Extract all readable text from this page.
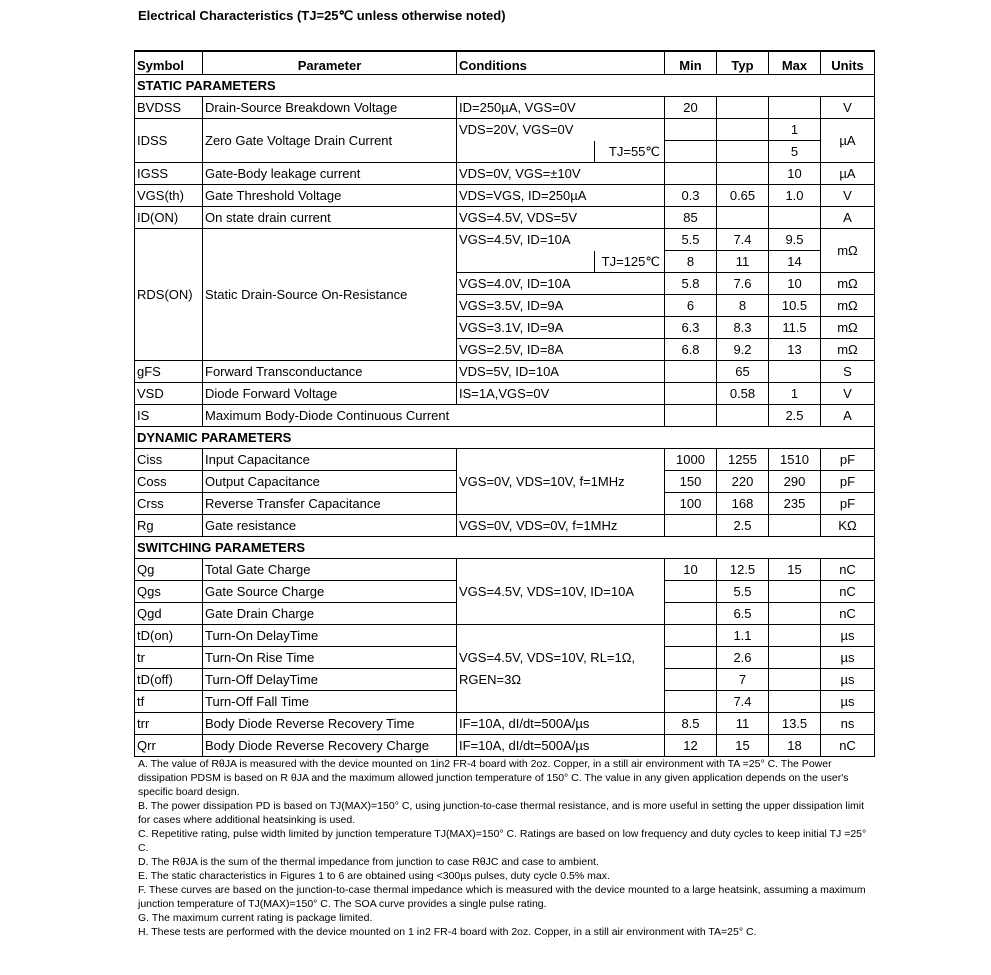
Electrical Characteristics (TJ=25℃ unless otherwise noted)
Symbol	Parameter	Conditions	Min	Typ	Max	Units
STATIC PARAMETERS						
BVDSS	Drain-Source Breakdown Voltage	ID=250µA, VGS=0V	20			V
IDSS	Zero Gate Voltage Drain Current	VDS=20V, VGS=0V			1	µA

		TJ=55℃			5	
IGSS	Gate-Body leakage current	VDS=0V, VGS=±10V			10	µA
VGS(th)	Gate Threshold Voltage	VDS=VGS, ID=250µA	0.3	0.65	1.0	V
ID(ON)	On state drain current	VGS=4.5V, VDS=5V	85			A
RDS(ON)	Static Drain-Source On-Resistance	VGS=4.5V, ID=10A	5.5	7.4	9.5	mΩ

		TJ=125℃	8	11	14	
		VGS=4.0V, ID=10A	5.8	7.6	10	mΩ
		VGS=3.5V, ID=9A	6	8	10.5	mΩ
		VGS=3.1V, ID=9A	6.3	8.3	11.5	mΩ
		VGS=2.5V, ID=8A	6.8	9.2	13	mΩ
gFS	Forward Transconductance	VDS=5V, ID=10A		65		S
VSD	Diode Forward Voltage	IS=1A,VGS=0V		0.58	1	V
IS	Maximum Body-Diode Continuous Current				2.5	A
DYNAMIC PARAMETERS						
Ciss	Input Capacitance	VGS=0V, VDS=10V, f=1MHz	1000	1255	1510	pF
Coss	Output Capacitance		150	220	290	pF
Crss	Reverse Transfer Capacitance		100	168	235	pF
Rg	Gate resistance	VGS=0V, VDS=0V, f=1MHz		2.5		KΩ
SWITCHING PARAMETERS						
Qg	Total Gate Charge	VGS=4.5V, VDS=10V, ID=10A	10	12.5	15	nC
Qgs	Gate Source Charge			5.5		nC
Qgd	Gate Drain Charge			6.5		nC
tD(on)	Turn-On DelayTime	VGS=4.5V, VDS=10V, RL=1Ω,
RGEN=3Ω		1.1		µs
tr	Turn-On Rise Time			2.6		µs
tD(off)	Turn-Off DelayTime			7		µs
tf	Turn-Off Fall Time			7.4		µs
trr	Body Diode Reverse Recovery Time	IF=10A, dI/dt=500A/µs	8.5	11	13.5	ns
Qrr	Body Diode Reverse Recovery Charge	IF=10A, dI/dt=500A/µs	12	15	18	nC

A. The value of RθJA is measured with the device mounted on 1in2 FR-4 board with 2oz. Copper, in a still air environment with TA =25° C. The Power dissipation PDSM is based on R θJA and the maximum allowed junction temperature of 150° C. The value in any given application depends on the user's specific board design.

B. The power dissipation PD is based on TJ(MAX)=150° C, using junction-to-case thermal resistance, and is more useful in setting the upper dissipation limit for cases where additional heatsinking is used.

C. Repetitive rating, pulse width limited by junction temperature TJ(MAX)=150° C. Ratings are based on low frequency and duty cycles to keep initial TJ =25° C.

D. The RθJA is the sum of the thermal impedance from junction to case RθJC and case to ambient.

E. The static characteristics in Figures 1 to 6 are obtained using <300µs pulses, duty cycle 0.5% max.

F. These curves are based on the junction-to-case thermal impedance which is measured with the device mounted to a large heatsink, assuming a maximum junction temperature of TJ(MAX)=150° C. The SOA curve provides a single pulse rating.

G. The maximum current rating is package limited.

H. These tests are performed with the device mounted on 1 in2 FR-4 board with 2oz. Copper, in a still air environment with TA=25° C.
